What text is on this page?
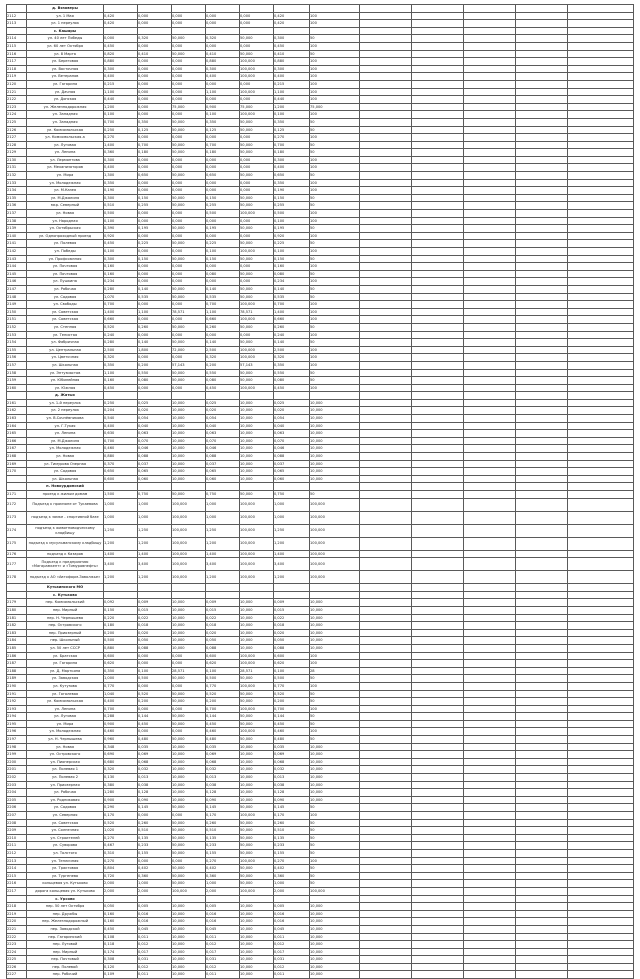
	д. Вязоверы												
2112	ул. 1 Мая	0,420	0,000	0,000	0,000	0,000	0,420	100					
2113	ул. 1 переулок	0,420	0,000	0,000	0,000	0,000	0,420	100					
	с. Кашары												
2114	ул. 40 лет Победы	0,000	0,320	50,000	0,320	50,000	0,300	50					
2115	ул. 60 лет Октября	0,450	0,000	0,000	0,000	0,000	0,450	100					
2116	ул. 8 Марта	0,820	0,410	50,000	0,410	50,000	0,410	50					
2117	ул. Береговая	0,880	0,000	0,000	0,880	100,000	0,880	100					
2118	ул. Восточная	0,300	0,000	0,000	0,300	100,000	0,300	100					
2119	ул. Ветеранов	0,400	0,000	0,000	0,400	100,000	0,400	100					
2120	ул. Гагарина	0,215	0,000	0,000	0,000	0,000	0,215	100					
2121	ул. Дачная	1,100	0,000	0,000	1,100	100,000	1,100	100					
2122	ул. Донская	0,440	0,000	0,000	0,000	0,000	0,440	100					
2123	ул. Железнодорожная	1,200	0,000	75,000	0,900	75,000	1,200	75,000					
2124	ул. Западная	0,100	0,000	0,000	0,100	100,000	0,100	100					
2125	ул. Западная	0,700	0,350	50,000	0,350	50,000	0,350	50					
2126	ул. Комсомольская	0,250	0,125	50,000	0,125	50,000	0,125	50					
2127	ул. Комсомольская-а	0,270	0,000	0,000	0,000	0,000	0,270	100					
2128	ул. Луговая	1,400	0,700	50,000	0,700	50,000	0,700	50					
2129	ул. Ленина	0,360	0,180	50,000	0,180	50,000	0,180	50					
2130	ул. Лермонтова	0,300	0,000	0,000	0,000	0,000	0,300	100					
2131	ул. Механизаторов	0,400	0,000	0,000	0,000	0,000	0,400	100					
2132	ул. Мира	1,300	0,650	50,000	0,650	50,000	0,650	50					
2133	ул. Молодежная	0,350	0,000	0,000	0,000	0,000	0,350	100					
2134	ул. М.Казея	0,190	0,000	0,000	0,000	0,000	0,190	100					
2135	ул. М.Джалиля	0,300	0,150	50,000	0,150	50,000	0,150	50					
2136	мкр. Северный	0,510	0,255	50,000	0,255	50,000	0,255	50					
2137	ул. Новая	0,500	0,000	0,000	0,500	100,000	0,500	100					
2138	ул. Народная	0,100	0,000	0,000	0,000	0,000	0,100	100					
2139	ул. Октябрьская	0,390	0,195	50,000	0,195	50,000	0,195	50					
2140	ул. Однопроходный проезд	0,920	0,000	0,000	0,000	0,000	0,920	100					
2141	ул. Полевая	0,450	0,225	50,000	0,225	50,000	0,225	50					
2142	ул. Победы	0,100	0,000	0,000	0,100	100,000	0,100	100					
2143	ул. Профсоюзная	0,300	0,150	50,000	0,150	50,000	0,150	50					
2144	ул. Почтовая	0,160	0,000	0,000	0,000	0,000	0,160	100					
2145	ул. Почтовая	0,160	0,000	0,000	0,080	50,000	0,080	50					
2146	ул. Пушкина	0,234	0,000	0,000	0,000	0,000	0,234	100					
2147	ул. Рабочая	0,280	0,140	50,000	0,140	50,000	0,140	50					
2148	ул. Садовая	1,070	0,535	50,000	0,535	50,000	0,535	50					
2149	ул. Свободы	0,700	0,000	0,000	0,700	100,000	0,700	100					
2150	ул. Советская	1,400	1,100	78,571	1,100	78,571	1,400	100					
2151	ул. Советская	0,660	0,000	0,000	0,660	100,000	0,660	100					
2152	ул. Степная	0,520	0,260	50,000	0,260	50,000	0,260	50					
2153	ул. Тенистая	0,240	0,000	0,000	0,000	0,000	0,240	100					
2154	ул. Фабричная	0,280	0,140	50,000	0,140	50,000	0,140	50					
2155	ул. Центральная	2,500	1,800	72,000	2,500	100,000	2,500	100					
2156	ул. Цветочная	0,320	0,000	0,000	0,320	100,000	0,320	100					
2157	ул. Школьная	0,350	0,200	57,143	0,200	57,143	0,350	100					
2158	ул. Энтузиастов	1,100	0,550	50,000	0,550	50,000	0,550	50					
2159	ул. Юбилейная	0,160	0,080	50,000	0,080	50,000	0,080	50					
2160	ул. Южная	0,450	0,000	0,000	0,450	100,000	0,450	100					
	д. Жатых												
2161	ул. 1-й переулок	0,250	0,025	10,000	0,025	10,000	0,025	10,000					
2162	ул. 2 переулок	0,204	0,020	10,000	0,020	10,000	0,020	10,000					
2163	ул. В.Сочнёвникова	0,540	0,054	10,000	0,054	10,000	0,054	10,000					
2164	ул. Г.Тукая	0,400	0,040	10,000	0,040	10,000	0,040	10,000					
2165	ул. Ленина	0,630	0,063	10,000	0,063	10,000	0,063	10,000					
2166	ул. М.Джалиля	0,700	0,070	10,000	0,070	10,000	0,070	10,000					
2167	ул. Молодежная	0,460	0,046	10,000	0,046	10,000	0,046	10,000					
2168	ул. Новая	0,880	0,088	10,000	0,088	10,000	0,088	10,000					
2169	ул. Тимурова Озерная	0,370	0,037	10,000	0,037	10,000	0,037	10,000					
2170	ул. Садовая	0,650	0,065	10,000	0,065	10,000	0,065	10,000					
	ул. Школьная	0,600	0,060	10,000	0,060	10,000	0,060	10,000					
	п. Новоурдинский												
2171	проезд к жилым домам	1,500	0,750	50,000	0,750	50,000	0,750	50					
2172	Подъезд к промзоне от Тукаевова	1,000	1,000	100,000	1,000	100,000	1,000	100,000					
2173	подъезд к замке - спортивной базе	1,000	1,000	100,000	1,000	100,000	1,000	100,000					
2174	подъезд к животноводческому кладбищу	1,250	1,250	100,000	1,250	100,000	1,250	100,000					
2175	подъезд к мусульманскому кладбищу	1,200	1,200	100,000	1,200	100,000	1,200	100,000					
2176	подъезд к Казаров	1,400	1,400	100,000	1,400	100,000	1,400	100,000					
2177	Подъезд к предприятию «Магарамкент» и «Тимуровнефть»	3,400	3,400	100,000	3,400	100,000	3,400	100,000					
2178	подъезд к АО «Автоформ-Заволжье»	1,200	1,200	100,000	1,200	100,000	1,200	100,000					
	Кутькинского МО												
	с. Кутьково												
2179	пер. Комсомольский	0,092	0,009	10,000	0,009	10,000	0,009	10,000					
2180	пер. Мирный	0,150	0,015	10,000	0,015	10,000	0,015	10,000					
2181	пер. Н. Чернышева	0,220	0,022	10,000	0,022	10,000	0,022	10,000					
2182	пер. Островского	0,180	0,018	10,000	0,018	10,000	0,018	10,000					
2183	пер. Приозерный	0,200	0,020	10,000	0,020	10,000	0,020	10,000					
2184	пер. Школьный	0,500	0,050	10,000	0,050	10,000	0,050	10,000					
2185	ул. 50 лет СССР	0,880	0,088	10,000	0,088	10,000	0,088	10,000					
2186	ул. Братская	0,600	0,000	0,000	0,600	100,000	0,600	100					
2187	ул. Гагарина	0,620	0,000	0,000	0,620	100,000	0,620	100					
2188	ул. Д. Мартьяна	0,350	0,100	28,571	0,100	28,571	0,100	28					
2189	ул. Заводская	1,000	0,500	50,000	0,500	50,000	0,500	50					
2190	ул. Кутузова	0,770	0,000	0,000	0,770	100,000	0,770	100					
2191	ул. Гоголевая	1,040	0,520	50,000	0,520	50,000	0,520	50					
2192	ул. Комсомольская	0,400	0,200	50,000	0,200	50,000	0,200	50					
2193	ул. Ленина	0,700	0,000	0,000	0,700	100,000	0,700	100					
2194	ул. Луговая	0,288	0,144	50,000	0,144	50,000	0,144	50					
2195	ул. Мира	0,900	0,450	50,000	0,450	50,000	0,450	50					
2196	ул. Молодежная	0,460	0,000	0,000	0,460	100,000	0,460	100					
2197	ул. Н. Чернышева	0,960	0,480	50,000	0,480	50,000	0,480	50					
2198	ул. Новая	0,348	0,035	10,000	0,035	10,000	0,035	10,000					
2199	ул. Островского	0,690	0,069	10,000	0,069	10,000	0,069	10,000					
2200	ул. Пионерская	0,680	0,068	10,000	0,068	10,000	0,068	10,000					
2201	ул. Полевая 1	0,320	0,032	10,000	0,032	10,000	0,032	10,000					
2202	ул. Полевая 2	0,130	0,013	10,000	0,013	10,000	0,013	10,000					
2203	ул. Приозерная	0,380	0,038	10,000	0,038	10,000	0,038	10,000					
2204	ул. Рабочая	1,280	0,128	10,000	0,128	10,000	0,128	10,000					
2205	ул. Родниковая	0,900	0,090	10,000	0,090	10,000	0,090	10,000					
2206	ул. Садовая	0,290	0,145	50,000	0,145	50,000	0,145	50					
2207	ул. Северная	0,170	0,000	0,000	0,170	100,000	0,170	100					
2208	ул. Советская	0,520	0,260	50,000	0,260	50,000	0,260	50					
2209	ул. Солнечная	1,020	0,510	50,000	0,510	50,000	0,510	50					
2210	ул. Строителей	0,270	0,135	50,000	0,135	50,000	0,135	50					
2211	ул. Суворова	0,467	0,233	50,000	0,233	50,000	0,233	50					
2212	ул. Толстого	0,310	0,155	50,000	0,155	50,000	0,155	50					
2213	ул. Тепличная	0,270	0,000	0,000	0,270	100,000	0,270	100					
2214	ул. Трактовая	0,804	0,402	50,000	0,402	50,000	0,402	50					
2215	ул. Тургенева	0,720	0,360	50,000	0,360	50,000	0,360	50					
2216	кольцевая ул. Кутьково	2,000	1,000	50,000	1,000	50,000	1,000	50					
2217	дорога кольцевая ул. Кутьково	2,000	2,000	100,000	2,000	100,000	2,000	100,000					
	с. Урсово												
2218	пер. 50 лет Октября	0,050	0,005	10,000	0,005	10,000	0,005	10,000					
2219	пер. Дружбы	0,160	0,016	10,000	0,016	10,000	0,016	10,000					
2220	пер. Железнодорожный	0,160	0,016	10,000	0,016	10,000	0,016	10,000					
2221	пер. Заводской	0,450	0,045	10,000	0,045	10,000	0,045	10,000					
2222	пер. Гагаринский	0,108	0,011	10,000	0,011	10,000	0,011	10,000					
2223	пер. Луговой	0,118	0,012	10,000	0,012	10,000	0,012	10,000					
2224	пер. Мирный	0,174	0,017	10,000	0,017	10,000	0,017	10,000					
2225	пер. Почтовый	0,308	0,031	10,000	0,031	10,000	0,031	10,000					
2226	пер. Полевой	0,120	0,012	10,000	0,012	10,000	0,012	10,000					
2227	пер. Рабочий	0,109	0,011	10,000	0,011	10,000	0,011	10,000					
